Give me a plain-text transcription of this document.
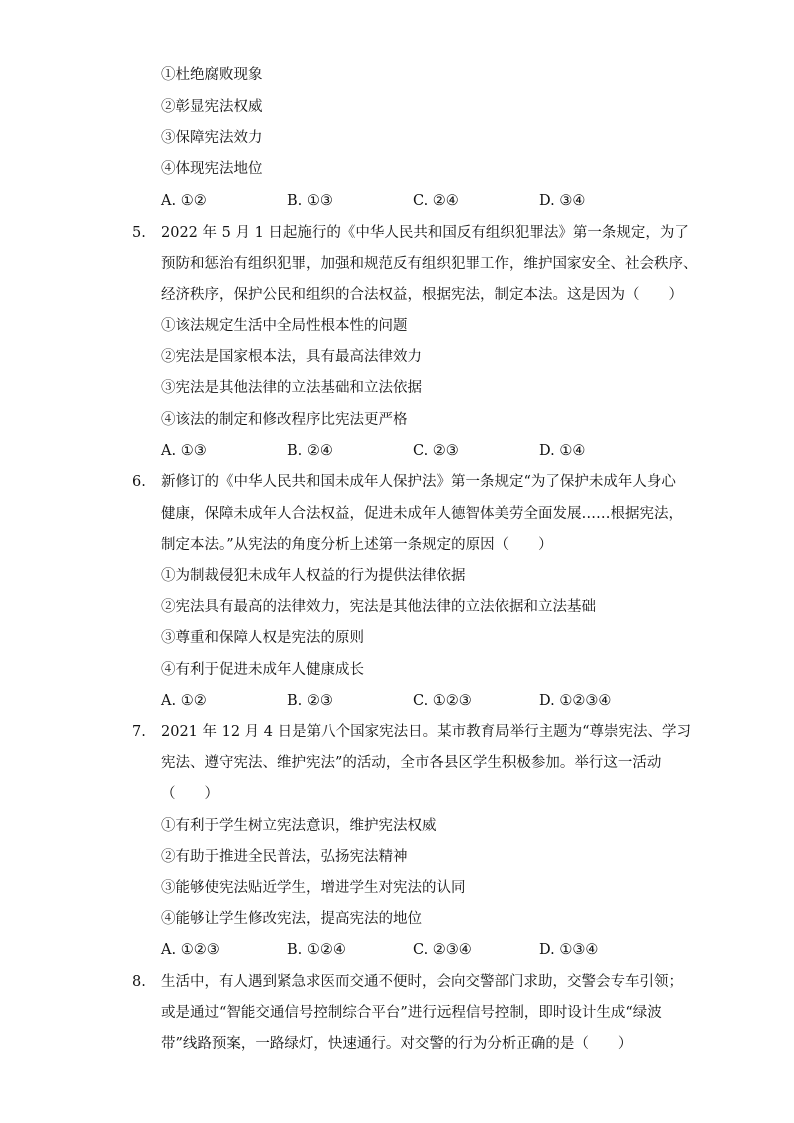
①杜绝腐败现象
②彰显宪法权威
③保障宪法效力
④体现宪法地位
A. ①②	B. ①③	C. ②④	D. ③④
5. 2022 年 5 月 1 日起施行的《中华人民共和国反有组织犯罪法》第一条规定，为了
预防和惩治有组织犯罪，加强和规范反有组织犯罪工作，维护国家安全、社会秩序、
经济秩序，保护公民和组织的合法权益，根据宪法，制定本法。这是因为（　　）
①该法规定生活中全局性根本性的问题
②宪法是国家根本法，具有最高法律效力
③宪法是其他法律的立法基础和立法依据
④该法的制定和修改程序比宪法更严格
A. ①③	B. ②④	C. ②③	D. ①④
6. 新修订的《中华人民共和国未成年人保护法》第一条规定“为了保护未成年人身心
健康，保障未成年人合法权益，促进未成年人德智体美劳全面发展……根据宪法，
制定本法。”从宪法的角度分析上述第一条规定的原因（　　）
①为制裁侵犯未成年人权益的行为提供法律依据
②宪法具有最高的法律效力，宪法是其他法律的立法依据和立法基础
③尊重和保障人权是宪法的原则
④有利于促进未成年人健康成长
A. ①②	B. ②③	C. ①②③	D. ①②③④
7. 2021 年 12 月 4 日是第八个国家宪法日。某市教育局举行主题为“尊崇宪法、学习
宪法、遵守宪法、维护宪法”的活动，全市各县区学生积极参加。举行这一活动
（　　）
①有利于学生树立宪法意识，维护宪法权威
②有助于推进全民普法，弘扬宪法精神
③能够使宪法贴近学生，增进学生对宪法的认同
④能够让学生修改宪法，提高宪法的地位
A. ①②③	B. ①②④	C. ②③④	D. ①③④
8. 生活中，有人遇到紧急求医而交通不便时，会向交警部门求助，交警会专车引领；
或是通过“智能交通信号控制综合平台”进行远程信号控制，即时设计生成“绿波
带”线路预案，一路绿灯，快速通行。对交警的行为分析正确的是（　　）
